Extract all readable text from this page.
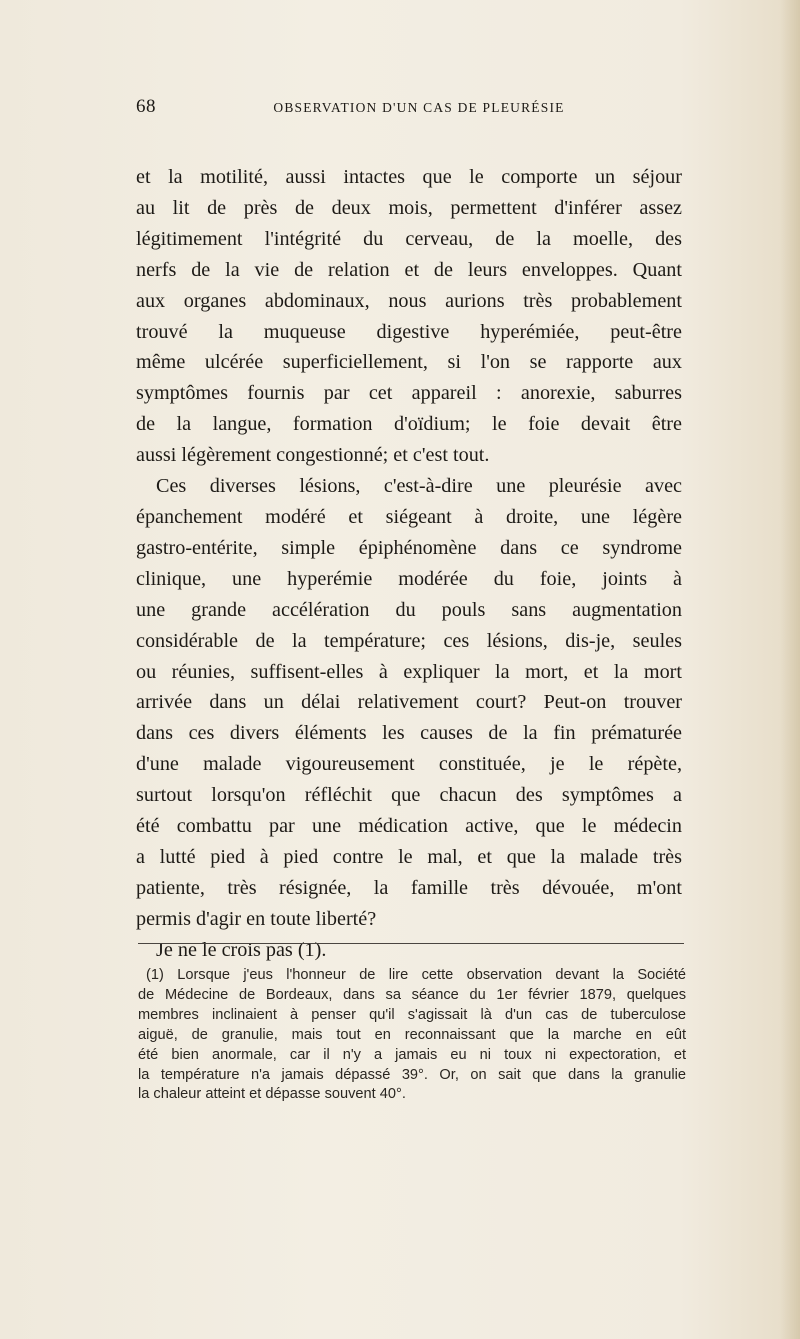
68	OBSERVATION D'UN CAS DE PLEURÉSIE
et la motilité, aussi intactes que le comporte un séjour
au lit de près de deux mois, permettent d'inférer assez
légitimement l'intégrité du cerveau, de la moelle, des
nerfs de la vie de relation et de leurs enveloppes. Quant
aux organes abdominaux, nous aurions très probablement
trouvé la muqueuse digestive hyperémiée, peut-être
même ulcérée superficiellement, si l'on se rapporte aux
symptômes fournis par cet appareil : anorexie, saburres
de la langue, formation d'oïdium; le foie devait être
aussi légèrement congestionné; et c'est tout.
Ces diverses lésions, c'est-à-dire une pleurésie avec
épanchement modéré et siégeant à droite, une légère
gastro-entérite, simple épiphénomène dans ce syndrome
clinique, une hyperémie modérée du foie, joints à
une grande accélération du pouls sans augmentation
considérable de la température; ces lésions, dis-je, seules
ou réunies, suffisent-elles à expliquer la mort, et la mort
arrivée dans un délai relativement court? Peut-on trouver
dans ces divers éléments les causes de la fin prématurée
d'une malade vigoureusement constituée, je le répète,
surtout lorsqu'on réfléchit que chacun des symptômes a
été combattu par une médication active, que le médecin
a lutté pied à pied contre le mal, et que la malade très
patiente, très résignée, la famille très dévouée, m'ont
permis d'agir en toute liberté?
Je ne le crois pas (1).
(1) Lorsque j'eus l'honneur de lire cette observation devant la Société
de Médecine de Bordeaux, dans sa séance du 1er février 1879, quelques
membres inclinaient à penser qu'il s'agissait là d'un cas de tuberculose
aiguë, de granulie, mais tout en reconnaissant que la marche en eût
été bien anormale, car il n'y a jamais eu ni toux ni expectoration, et
la température n'a jamais dépassé 39°. Or, on sait que dans la granulie
la chaleur atteint et dépasse souvent 40°.
